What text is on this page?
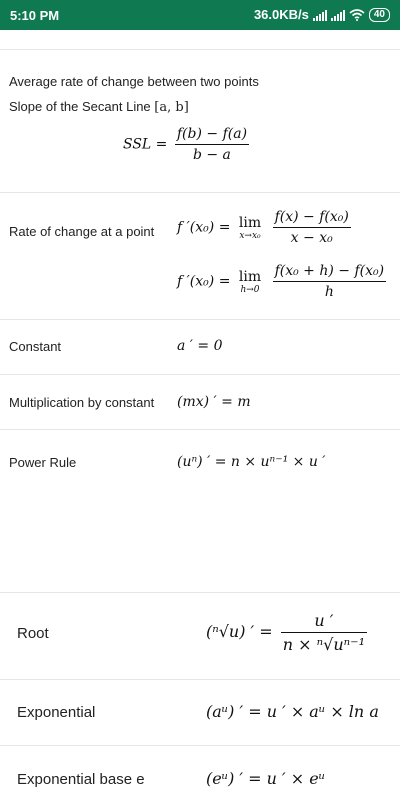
5:10 PM	36.0KB/s	40
Average rate of change between two points
Slope of the Secant Line [a, b]
SSL = $\frac{f(b) - f(a)}{b - a}$
Rate of change at a point f ′(x₀) = lim
x→x₀
$\frac{\text{f(x) − f(x₀)}}{\text{x − x₀}}$
f ′(x₀) = lim
h→0
$\frac{\text{f(x₀ + h) − f(x₀)}}{h}$
Constant	a ′ = 0
Multiplication by constant (mx) ′ = m
Power Rule	(uⁿ) ′ = n × uⁿ⁻¹ × u ′
Root	(ⁿ√u) ′ = $\frac{u '}{\text{n × ⁿ√uⁿ⁻¹}}$
Exponential	(aᵘ) ′ = u ′ × aᵘ × ln a
Exponential base e	(eᵘ) ′ = u ′ × eᵘ
